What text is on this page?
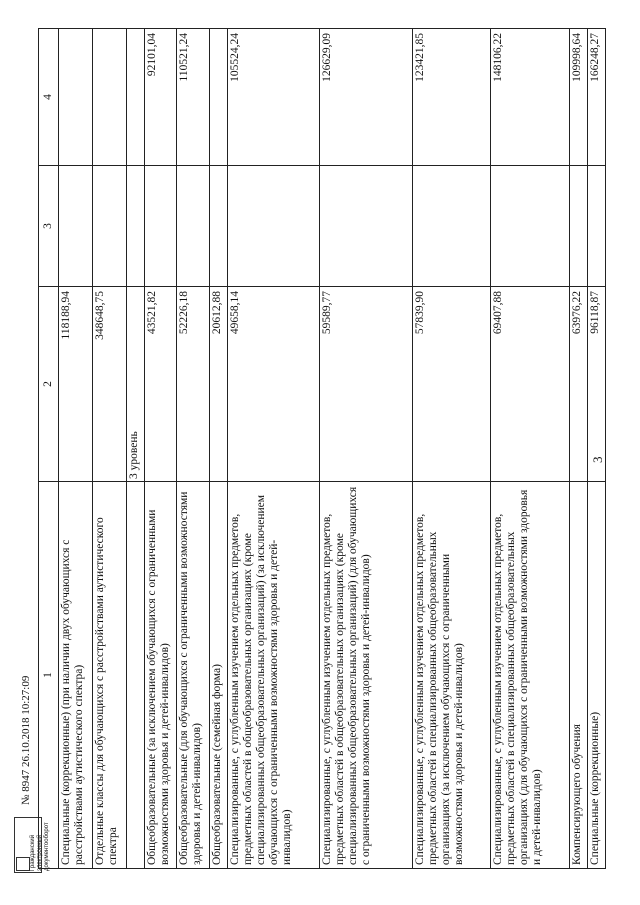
3
Гражданский электронный документооборот
№ 8947 26.10.2018 10:27:09
1	2	3	4
Специальные (коррекционные) (при наличии двух обучающихся с расстройствами аутистического спектра)	118188,94		
Отдельные классы для обучающихся с расстройствами аутистического спектра	348648,75		
	3 уровень		
Общеобразовательные (за исключением обучающихся с ограниченными возможностями здоровья и детей-инвалидов)	43521,82		92101,04
Общеобразовательные (для обучающихся с ограниченными возможностями здоровья и детей-инвалидов)	52226,18		110521,24
Общеобразовательные (семейная форма)	20612,88		
Специализированные, с углубленным изучением отдельных предметов, предметных областей в общеобразовательных организациях (кроме специализированных общеобразовательных организаций) (за исключением обучающихся с ограниченными возможностями здоровья и детей-инвалидов)	49658,14		105524,24
Специализированные, с углубленным изучением отдельных предметов, предметных областей в общеобразовательных организациях (кроме специализированных общеобразовательных организаций) (для обучающихся с ограниченными возможностями здоровья и детей-инвалидов)	59589,77		126629,09
Специализированные, с углубленным изучением отдельных предметов, предметных областей в специализированных общеобразовательных организациях (за исключением обучающихся с ограниченными возможностями здоровья и детей-инвалидов)	57839,90		123421,85
Специализированные, с углубленным изучением отдельных предметов, предметных областей в специализированных общеобразовательных организациях (для обучающихся с ограниченными возможностями здоровья и детей-инвалидов)	69407,88		148106,22
Компенсирующего обучения	63976,22		109998,64
Специальные (коррекционные)	96118,87		166248,27
